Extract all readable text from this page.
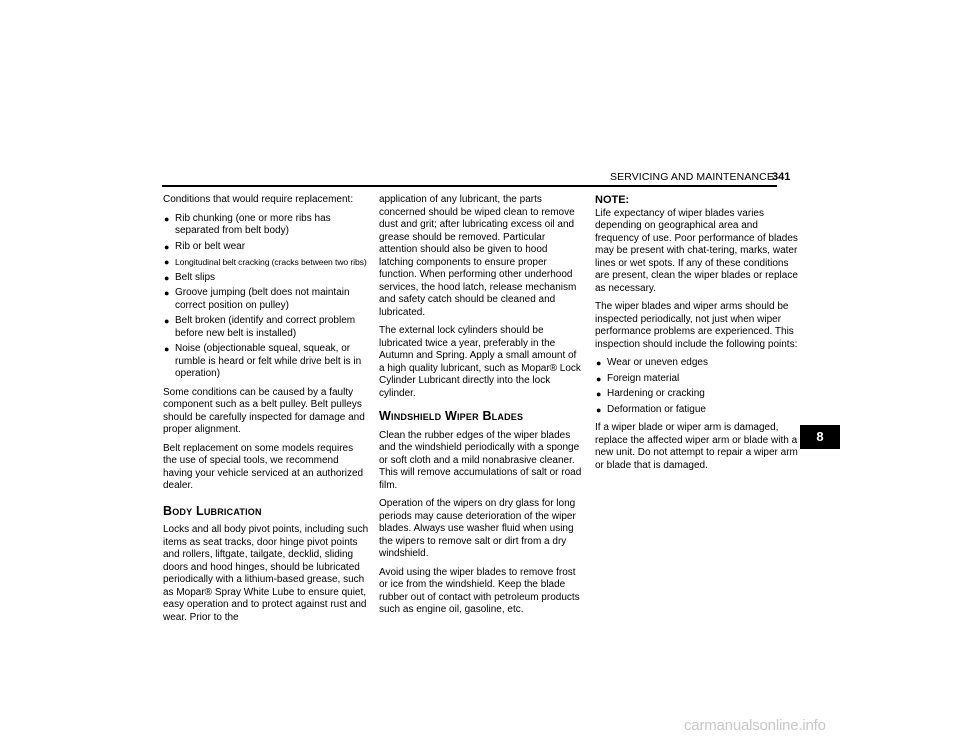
SERVICING AND MAINTENANCE
341

Conditions that would require replacement:

● Rib chunking (one or more ribs has separated from belt body)
● Rib or belt wear
● Longitudinal belt cracking (cracks between two ribs)
● Belt slips
● Groove jumping (belt does not maintain correct position on pulley)
● Belt broken (identify and correct problem before new belt is installed)
● Noise (objectionable squeal, squeak, or rumble is heard or felt while drive belt is in operation)

Some conditions can be caused by a faulty component such as a belt pulley. Belt pulleys should be carefully inspected for damage and proper alignment.

Belt replacement on some models requires the use of special tools, we recommend having your vehicle serviced at an authorized dealer.

Body Lubrication

Locks and all body pivot points, including such items as seat tracks, door hinge pivot points and rollers, liftgate, tailgate, decklid, sliding doors and hood hinges, should be lubricated periodically with a lithium-based grease, such as Mopar® Spray White Lube to ensure quiet, easy operation and to protect against rust and wear. Prior to the

application of any lubricant, the parts concerned should be wiped clean to remove dust and grit; after lubricating excess oil and grease should be removed. Particular attention should also be given to hood latching components to ensure proper function. When performing other underhood services, the hood latch, release mechanism and safety catch should be cleaned and lubricated.

The external lock cylinders should be lubricated twice a year, preferably in the Autumn and Spring. Apply a small amount of a high quality lubricant, such as Mopar® Lock Cylinder Lubricant directly into the lock cylinder.

Windshield Wiper Blades

Clean the rubber edges of the wiper blades and the windshield periodically with a sponge or soft cloth and a mild nonabrasive cleaner. This will remove accumulations of salt or road film.

Operation of the wipers on dry glass for long periods may cause deterioration of the wiper blades. Always use washer fluid when using the wipers to remove salt or dirt from a dry windshield.

Avoid using the wiper blades to remove frost or ice from the windshield. Keep the blade rubber out of contact with petroleum products such as engine oil, gasoline, etc.

NOTE:

Life expectancy of wiper blades varies depending on geographical area and frequency of use. Poor performance of blades may be present with chat-tering, marks, water lines or wet spots. If any of these conditions are present, clean the wiper blades or replace as necessary.

The wiper blades and wiper arms should be inspected periodically, not just when wiper performance problems are experienced. This inspection should include the following points:

● Wear or uneven edges
● Foreign material
● Hardening or cracking
● Deformation or fatigue

If a wiper blade or wiper arm is damaged, replace the affected wiper arm or blade with a new unit. Do not attempt to repair a wiper arm or blade that is damaged.

8
carmanualsonline.info
